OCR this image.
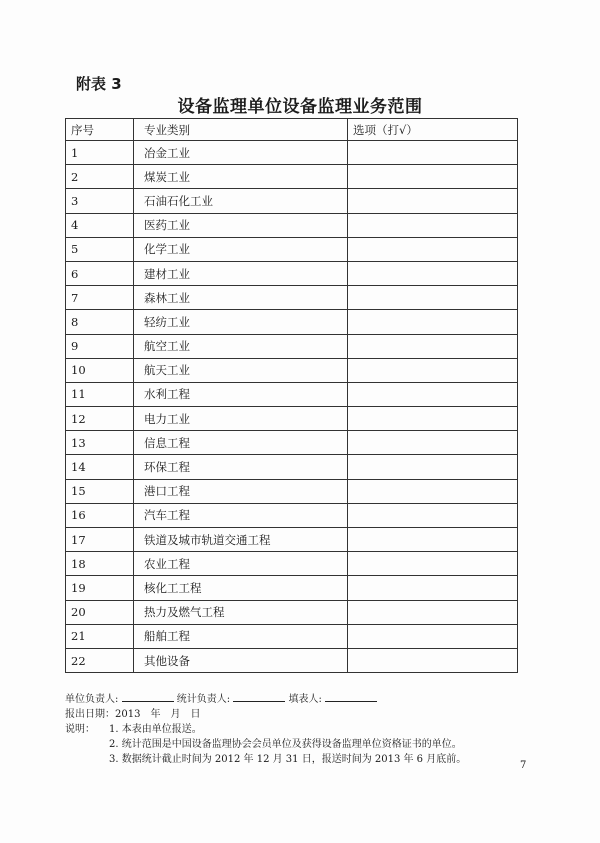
附表 3
设备监理单位设备监理业务范围
序号	专业类别	选项（打√）
1	冶金工业	
2	煤炭工业	
3	石油石化工业	
4	医药工业	
5	化学工业	
6	建材工业	
7	森林工业	
8	轻纺工业	
9	航空工业	
10	航天工业	
11	水利工程	
12	电力工业	
13	信息工程	
14	环保工程	
15	港口工程	
16	汽车工程	
17	铁道及城市轨道交通工程	
18	农业工程	
19	核化工工程	
20	热力及燃气工程	
21	船舶工程	
22	其他设备	
单位负责人:	统计负责人:	填表人:
报出日期：2013　年　月　日
说明： 1. 本表由单位报送。
2. 统计范围是中国设备监理协会会员单位及获得设备监理单位资格证书的单位。
3. 数据统计截止时间为 2012 年 12 月 31 日，报送时间为 2013 年 6 月底前。
7
